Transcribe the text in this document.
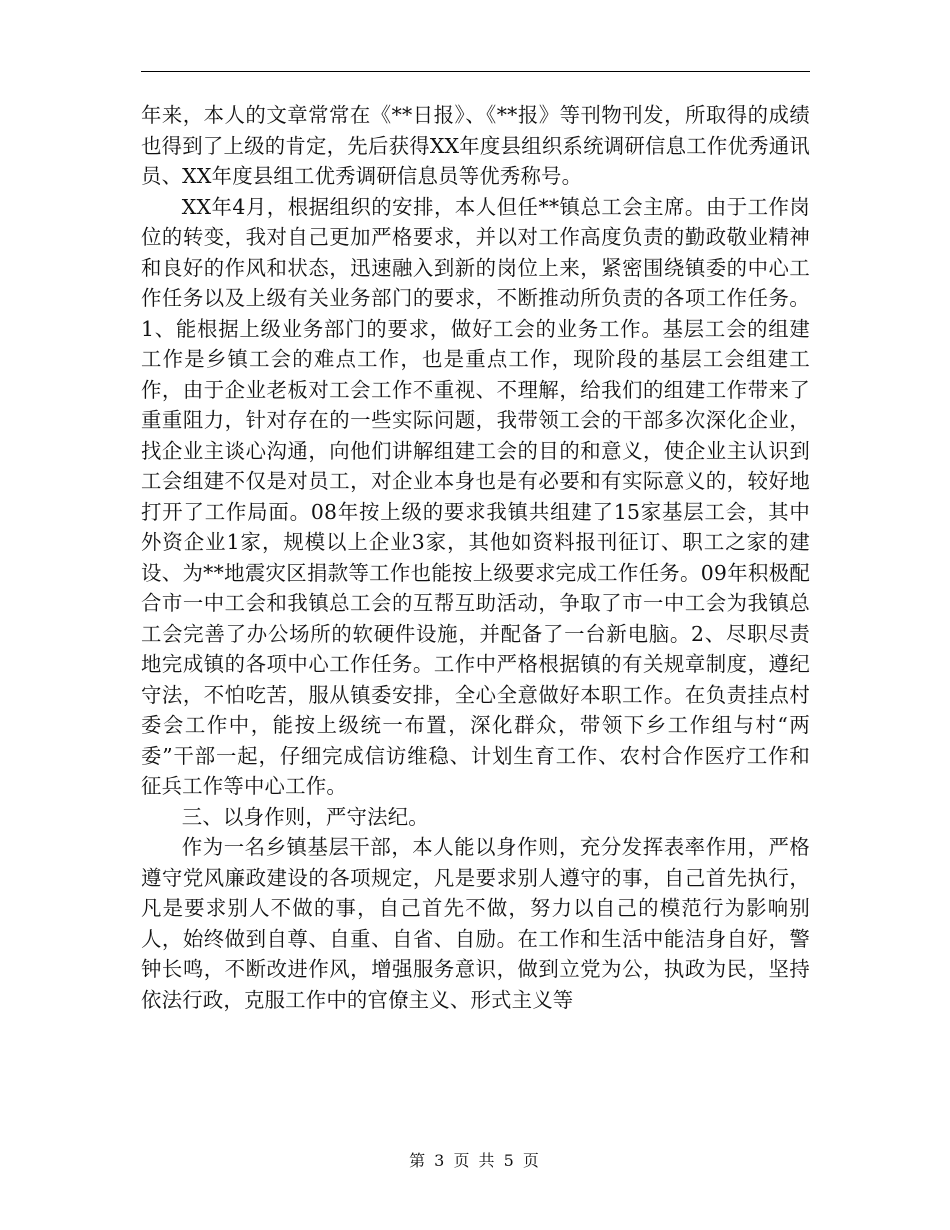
年来，本人的文章常常在《**日报》、《**报》等刊物刊发，所取得的成绩也得到了上级的肯定，先后获得XX年度县组织系统调研信息工作优秀通讯员、XX年度县组工优秀调研信息员等优秀称号。

XX年4月，根据组织的安排，本人但任**镇总工会主席。由于工作岗位的转变，我对自己更加严格要求，并以对工作高度负责的勤政敬业精神和良好的作风和状态，迅速融入到新的岗位上来，紧密围绕镇委的中心工作任务以及上级有关业务部门的要求，不断推动所负责的各项工作任务。1、能根据上级业务部门的要求，做好工会的业务工作。基层工会的组建工作是乡镇工会的难点工作，也是重点工作，现阶段的基层工会组建工作，由于企业老板对工会工作不重视、不理解，给我们的组建工作带来了重重阻力，针对存在的一些实际问题，我带领工会的干部多次深化企业，找企业主谈心沟通，向他们讲解组建工会的目的和意义，使企业主认识到工会组建不仅是对员工，对企业本身也是有必要和有实际意义的，较好地打开了工作局面。08年按上级的要求我镇共组建了15家基层工会，其中外资企业1家，规模以上企业3家，其他如资料报刊征订、职工之家的建设、为**地震灾区捐款等工作也能按上级要求完成工作任务。09年积极配合市一中工会和我镇总工会的互帮互助活动，争取了市一中工会为我镇总工会完善了办公场所的软硬件设施，并配备了一台新电脑。2、尽职尽责地完成镇的各项中心工作任务。工作中严格根据镇的有关规章制度，遵纪守法，不怕吃苦，服从镇委安排，全心全意做好本职工作。在负责挂点村委会工作中，能按上级统一布置，深化群众，带领下乡工作组与村“两委”干部一起，仔细完成信访维稳、计划生育工作、农村合作医疗工作和征兵工作等中心工作。

三、以身作则，严守法纪。

作为一名乡镇基层干部，本人能以身作则，充分发挥表率作用，严格遵守党风廉政建设的各项规定，凡是要求别人遵守的事，自己首先执行，凡是要求别人不做的事，自己首先不做，努力以自己的模范行为影响别人，始终做到自尊、自重、自省、自励。在工作和生活中能洁身自好，警钟长鸣，不断改进作风，增强服务意识，做到立党为公，执政为民，坚持依法行政，克服工作中的官僚主义、形式主义等

第 3 页 共 5 页
